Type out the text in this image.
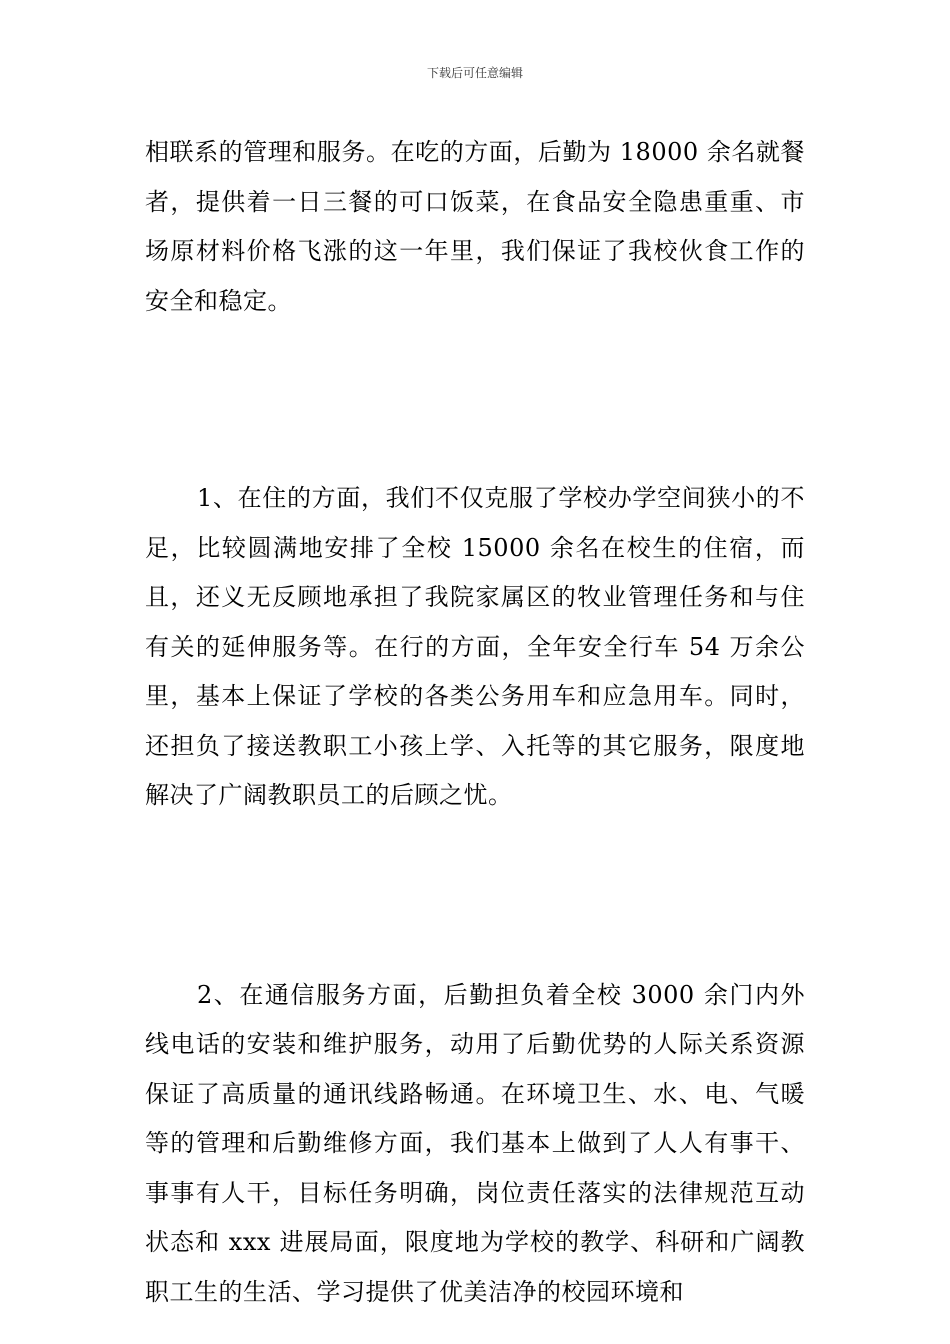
下载后可任意编辑

相联系的管理和服务。在吃的方面，后勤为 18000 余名就餐者，提供着一日三餐的可口饭菜，在食品安全隐患重重、市场原材料价格飞涨的这一年里，我们保证了我校伙食工作的安全和稳定。

1、在住的方面，我们不仅克服了学校办学空间狭小的不足，比较圆满地安排了全校 15000 余名在校生的住宿，而且，还义无反顾地承担了我院家属区的牧业管理任务和与住有关的延伸服务等。在行的方面，全年安全行车 54 万余公里，基本上保证了学校的各类公务用车和应急用车。同时，还担负了接送教职工小孩上学、入托等的其它服务，限度地解决了广阔教职员工的后顾之忧。

2、在通信服务方面，后勤担负着全校 3000 余门内外线电话的安装和维护服务，动用了后勤优势的人际关系资源保证了高质量的通讯线路畅通。在环境卫生、水、电、气暖等的管理和后勤维修方面，我们基本上做到了人人有事干、事事有人干，目标任务明确，岗位责任落实的法律规范互动状态和 xxx 进展局面，限度地为学校的教学、科研和广阔教职工生的生活、学习提供了优美洁净的校园环境和
